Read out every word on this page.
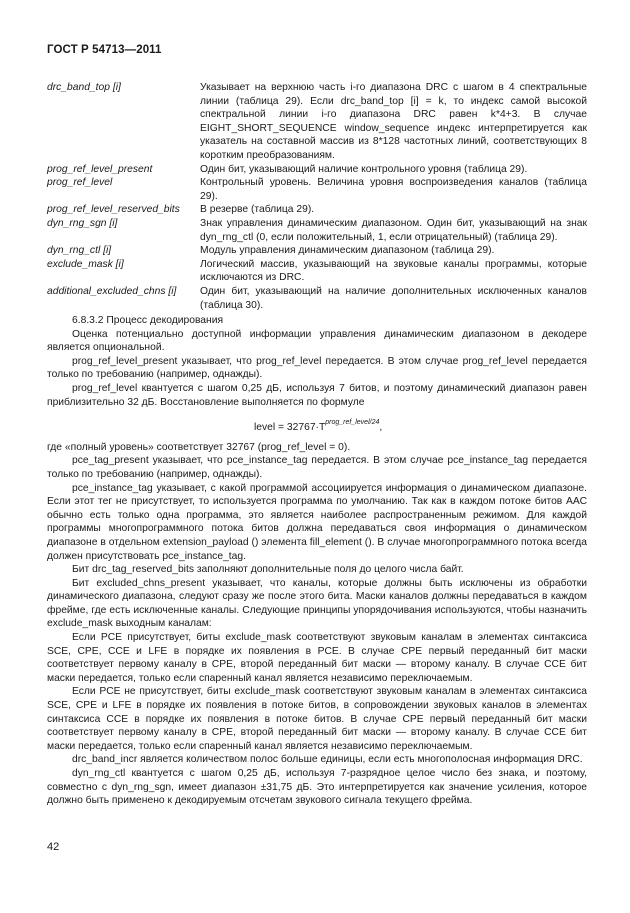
ГОСТ Р 54713—2011
drc_band_top [i]	Указывает на верхнюю часть i-го диапазона DRC с шагом в 4 спектральные линии (таблица 29). Если drc_band_top [i] = k, то индекс самой высокой спектральной линии i-го диапазона DRC равен k*4+3. В случае EIGHT_SHORT_SEQUENCE window_sequence индекс интерпретируется как указатель на составной массив из 8*128 частотных линий, соответствующих 8 коротким преобразованиям.
prog_ref_level_present	Один бит, указывающий наличие контрольного уровня (таблица 29).
prog_ref_level	Контрольный уровень. Величина уровня воспроизведения каналов (таблица 29).
prog_ref_level_reserved_bits	В резерве (таблица 29).
dyn_rng_sgn [i]	Знак управления динамическим диапазоном. Один бит, указывающий на знак dyn_rng_ctl (0, если положительный, 1, если отрицательный) (таблица 29).
dyn_rng_ctl [i]	Модуль управления динамическим диапазоном (таблица 29).
exclude_mask [i]	Логический массив, указывающий на звуковые каналы программы, которые исключаются из DRC.
additional_excluded_chns [i]	Один бит, указывающий на наличие дополнительных исключенных каналов (таблица 30).

6.8.3.2 Процесс декодирования

Оценка потенциально доступной информации управления динамическим диапазоном в декодере является опциональной.

prog_ref_level_present указывает, что prog_ref_level передается. В этом случае prog_ref_level передается только по требованию (например, однажды).

prog_ref_level квантуется с шагом 0,25 дБ, используя 7 битов, и поэтому динамический диапазон равен приблизительно 32 дБ. Восстановление выполняется по формуле

level = $32767\cdot T^{prog\_ref\_level/24}$,

где «полный уровень» соответствует 32767 (prog_ref_level = 0).

pce_tag_present указывает, что pce_instance_tag передается. В этом случае pce_instance_tag передается только по требованию (например, однажды).

pce_instance_tag указывает, с какой программой ассоциируется информация о динамическом диапазоне. Если этот тег не присутствует, то используется программа по умолчанию. Так как в каждом потоке битов ААС обычно есть только одна программа, это является наиболее распространенным режимом. Для каждой программы многопрограммного потока битов должна передаваться своя информация о динамическом диапазоне в отдельном extension_payload () элемента fill_element (). В случае многопрограммного потока всегда должен присутствовать pce_instance_tag.

Бит drc_tag_reserved_bits заполняют дополнительные поля до целого числа байт.

Бит excluded_chns_present указывает, что каналы, которые должны быть исключены из обработки динамического диапазона, следуют сразу же после этого бита. Маски каналов должны передаваться в каждом фрейме, где есть исключенные каналы. Следующие принципы упорядочивания используются, чтобы назначить exclude_mask выходным каналам:

Если PCE присутствует, биты exclude_mask соответствуют звуковым каналам в элементах синтаксиса SCE, CPE, CCE и LFE в порядке их появления в PCE. В случае CPE первый переданный бит маски соответствует первому каналу в CPE, второй переданный бит маски — второму каналу. В случае CCE бит маски передается, только если спаренный канал является независимо переключаемым.

Если PCE не присутствует, биты exclude_mask соответствуют звуковым каналам в элементах синтаксиса SCE, CPE и LFE в порядке их появления в потоке битов, в сопровождении звуковых каналов в элементах синтаксиса CCE в порядке их появления в потоке битов. В случае CPE первый переданный бит маски соответствует первому каналу в CPE, второй переданный бит маски — второму каналу. В случае CCE бит маски передается, только если спаренный канал является независимо переключаемым.

drc_band_incr является количеством полос больше единицы, если есть многополосная информация DRC.

dyn_rng_ctl квантуется с шагом 0,25 дБ, используя 7-разрядное целое число без знака, и поэтому, совместно с dyn_rng_sgn, имеет диапазон ±31,75 дБ. Это интерпретируется как значение усиления, которое должно быть применено к декодируемым отсчетам звукового сигнала текущего фрейма.

42
